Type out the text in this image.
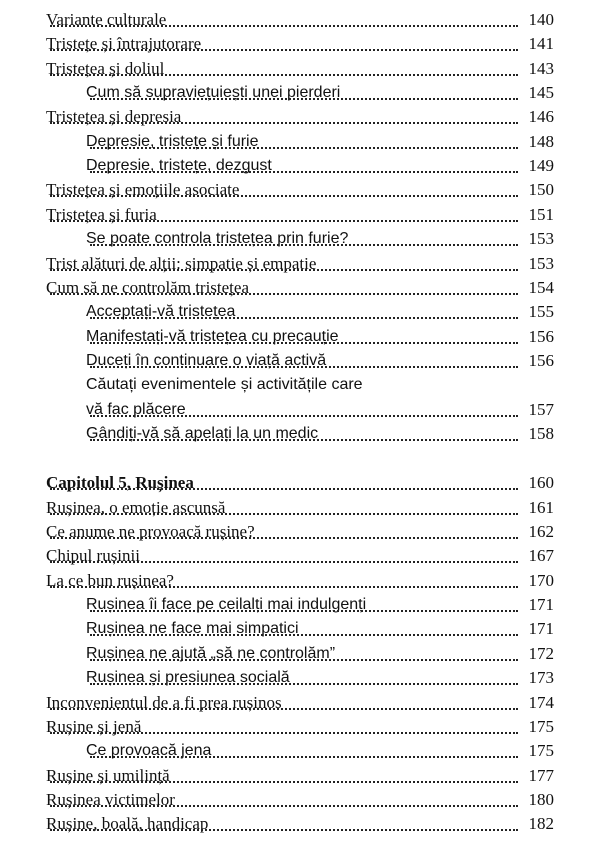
Variante culturale	140
Tristețe și întrajutorare	141
Tristețea și doliul	143
Cum să supraviețuiești unei pierderi	145
Tristețea și depresia	146
Depresie, tristețe și furie	148
Depresie, tristețe, dezgust	149
Tristețea și emoțiile asociate	150
Tristețea și furia	151
Se poate controla tristețea prin furie?	153
Trist alături de alții: simpatie și empatie	153
Cum să ne controlăm tristețea	154
Acceptați-vă tristețea	155
Manifestați-vă tristețea cu precauție	156
Duceți în continuare o viață activă	156
Căutați evenimentele și activitățile care
vă fac plăcere	157
Gândiți-vă să apelați la un medic	158
Capitolul 5, Rușinea	160
Rușinea, o emoție ascunsă	161
Ce anume ne provoacă rușine?	162
Chipul rușinii	167
La ce bun rușinea?	170
Rușinea îi face pe ceilalți mai indulgenți	171
Rușinea ne face mai simpatici	171
Rușinea ne ajută „să ne controlăm”	172
Rușinea și presiunea socială	173
Inconvenientul de a fi prea rușinos	174
Rușine și jenă	175
Ce provoacă jena	175
Rușine și umilință	177
Rușinea victimelor	180
Rușine, boală, handicap	182
